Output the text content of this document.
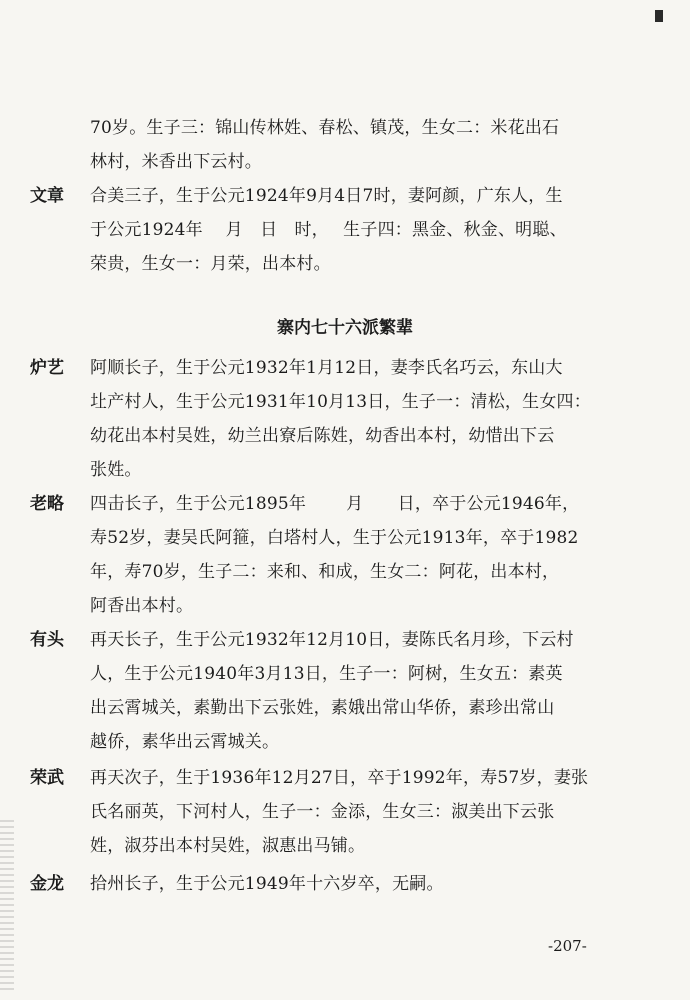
70岁。生子三：锦山传林姓、春松、镇茂，生女二：米花出石
林村，米香出下云村。
文章 合美三子，生于公元1924年9月4日7时，妻阿颜，广东人，生
于公元1924年　 月　日　时，　 生子四：黑金、秋金、明聪、
荣贵，生女一：月荣，出本村。
寨内七十六派繁辈
炉艺 阿顺长子，生于公元1932年1月12日，妻李氏名巧云，东山大
圵产村人，生于公元1931年10月13日，生子一：清松，生女四：
幼花出本村吴姓，幼兰出寮后陈姓，幼香出本村，幼惜出下云
张姓。
老略 四击长子，生于公元1895年　　 月　　日，卒于公元1946年，
寿52岁，妻吴氏阿箍，白塔村人，生于公元1913年，卒于1982
年，寿70岁，生子二：来和、和成，生女二：阿花，出本村，
阿香出本村。
有头 再天长子，生于公元1932年12月10日，妻陈氏名月珍，下云村
人，生于公元1940年3月13日，生子一：阿树，生女五：素英
出云霄城关，素勤出下云张姓，素娥出常山华侨，素珍出常山
越侨，素华出云霄城关。
荣武 再天次子，生于1936年12月27日，卒于1992年，寿57岁，妻张
氏名丽英，下河村人，生子一：金添，生女三：淑美出下云张
姓，淑芬出本村吴姓，淑惠出马铺。
金龙 拾州长子，生于公元1949年十六岁卒，无嗣。
-207-
